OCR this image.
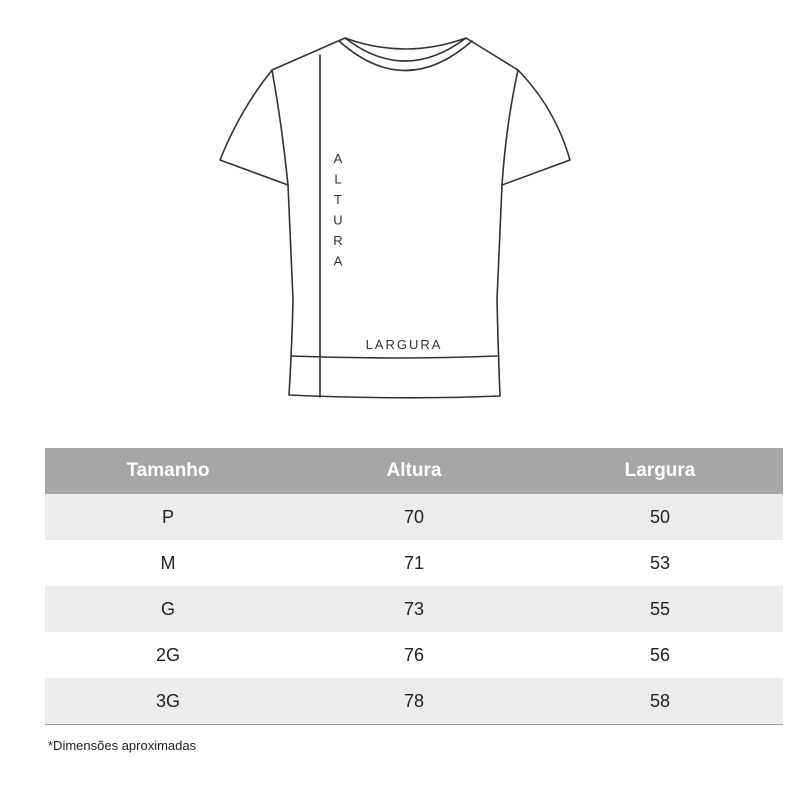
A L T U R A
LARGURA
Tamanho	Altura	Largura
P	70	50
M	71	53
G	73	55
2G	76	56
3G	78	58
*Dimensões aproximadas
